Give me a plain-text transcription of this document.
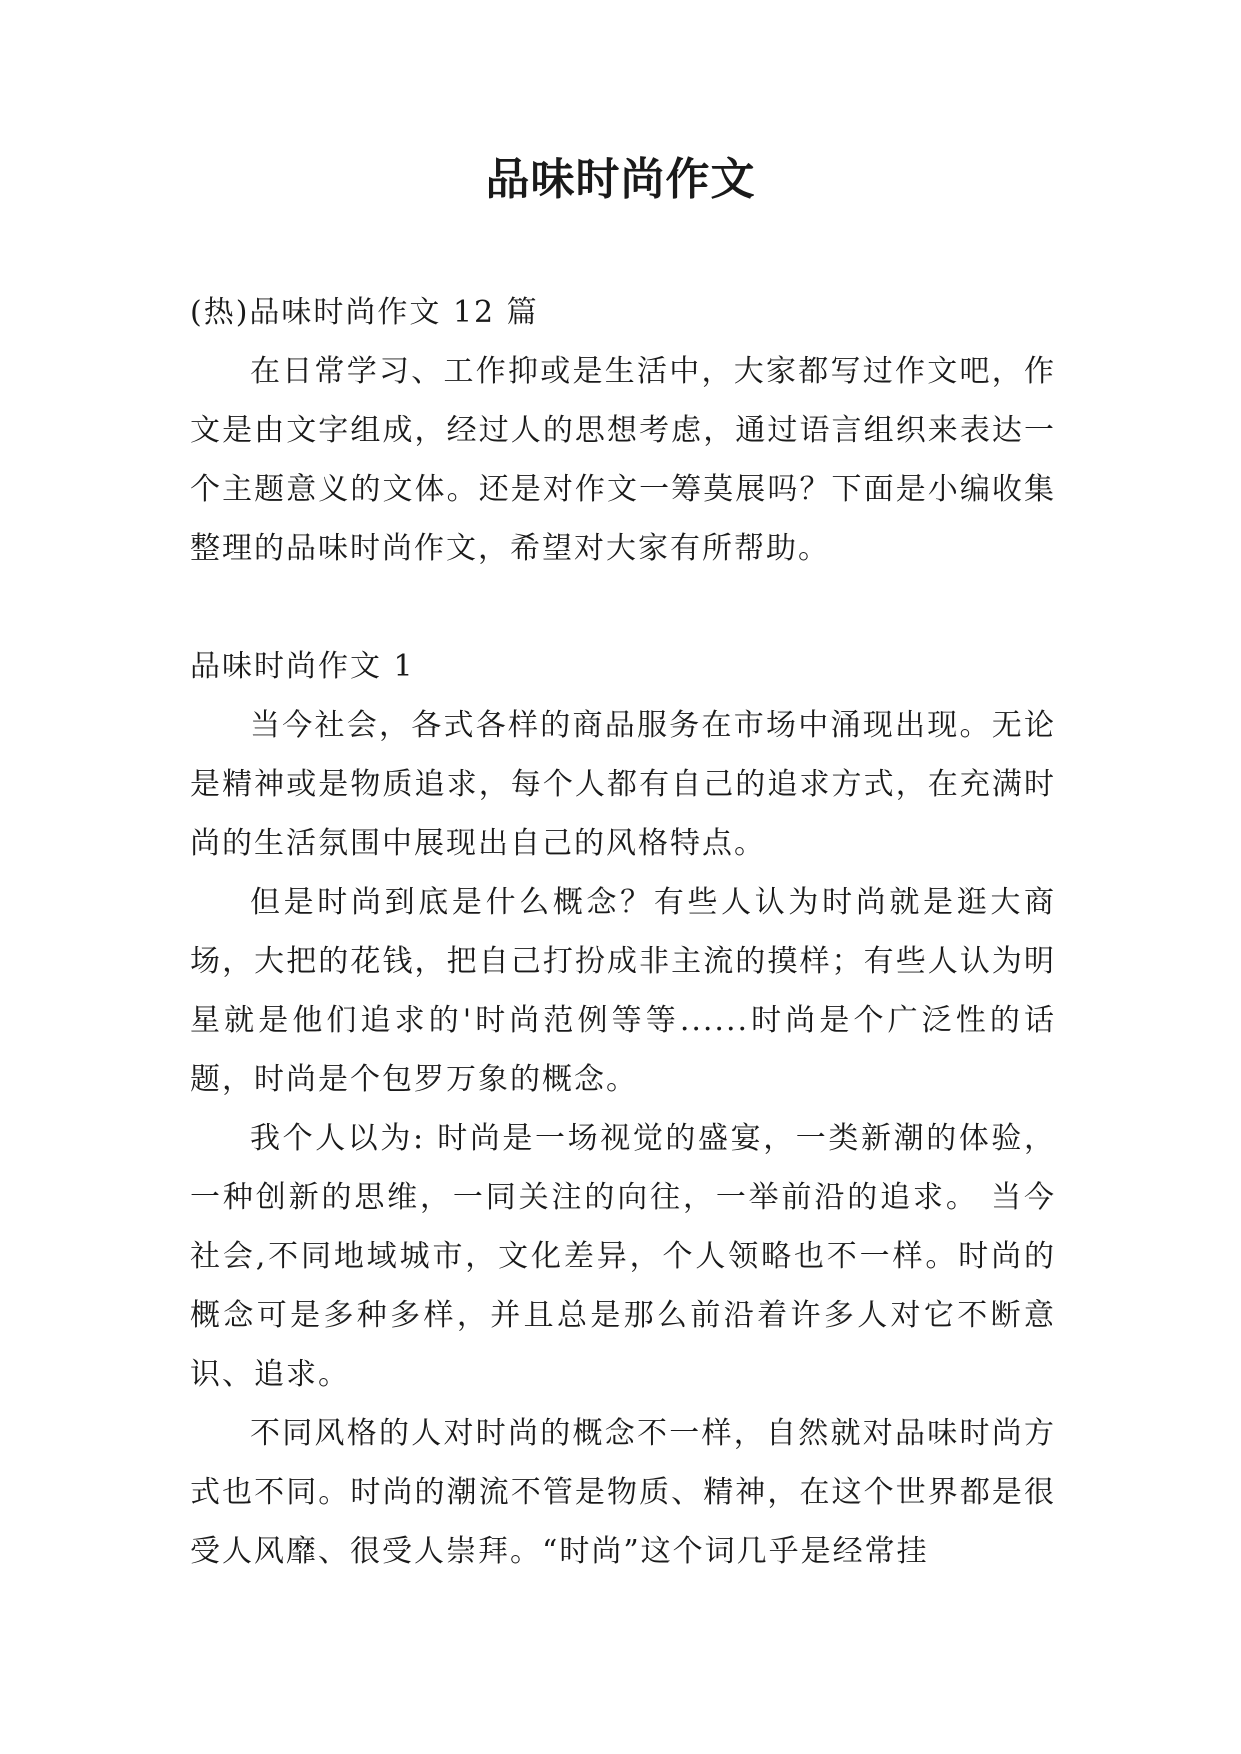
品味时尚作文

(热)品味时尚作文 12 篇

在日常学习、工作抑或是生活中，大家都写过作文吧，作文是由文字组成，经过人的思想考虑，通过语言组织来表达一个主题意义的文体。还是对作文一筹莫展吗？下面是小编收集整理的品味时尚作文，希望对大家有所帮助。

品味时尚作文 1

当今社会，各式各样的商品服务在市场中涌现出现。无论是精神或是物质追求，每个人都有自己的追求方式，在充满时尚的生活氛围中展现出自己的风格特点。

但是时尚到底是什么概念？有些人认为时尚就是逛大商场，大把的花钱，把自己打扮成非主流的摸样；有些人认为明星就是他们追求的'时尚范例等等......时尚是个广泛性的话题，时尚是个包罗万象的概念。

我个人以为: 时尚是一场视觉的盛宴，一类新潮的体验，一种创新的思维，一同关注的向往，一举前沿的追求。 当今社会,不同地域城市，文化差异，个人领略也不一样。时尚的概念可是多种多样，并且总是那么前沿着许多人对它不断意识、追求。

不同风格的人对时尚的概念不一样，自然就对品味时尚方式也不同。时尚的潮流不管是物质、精神，在这个世界都是很受人风靡、很受人崇拜。“时尚”这个词几乎是经常挂
